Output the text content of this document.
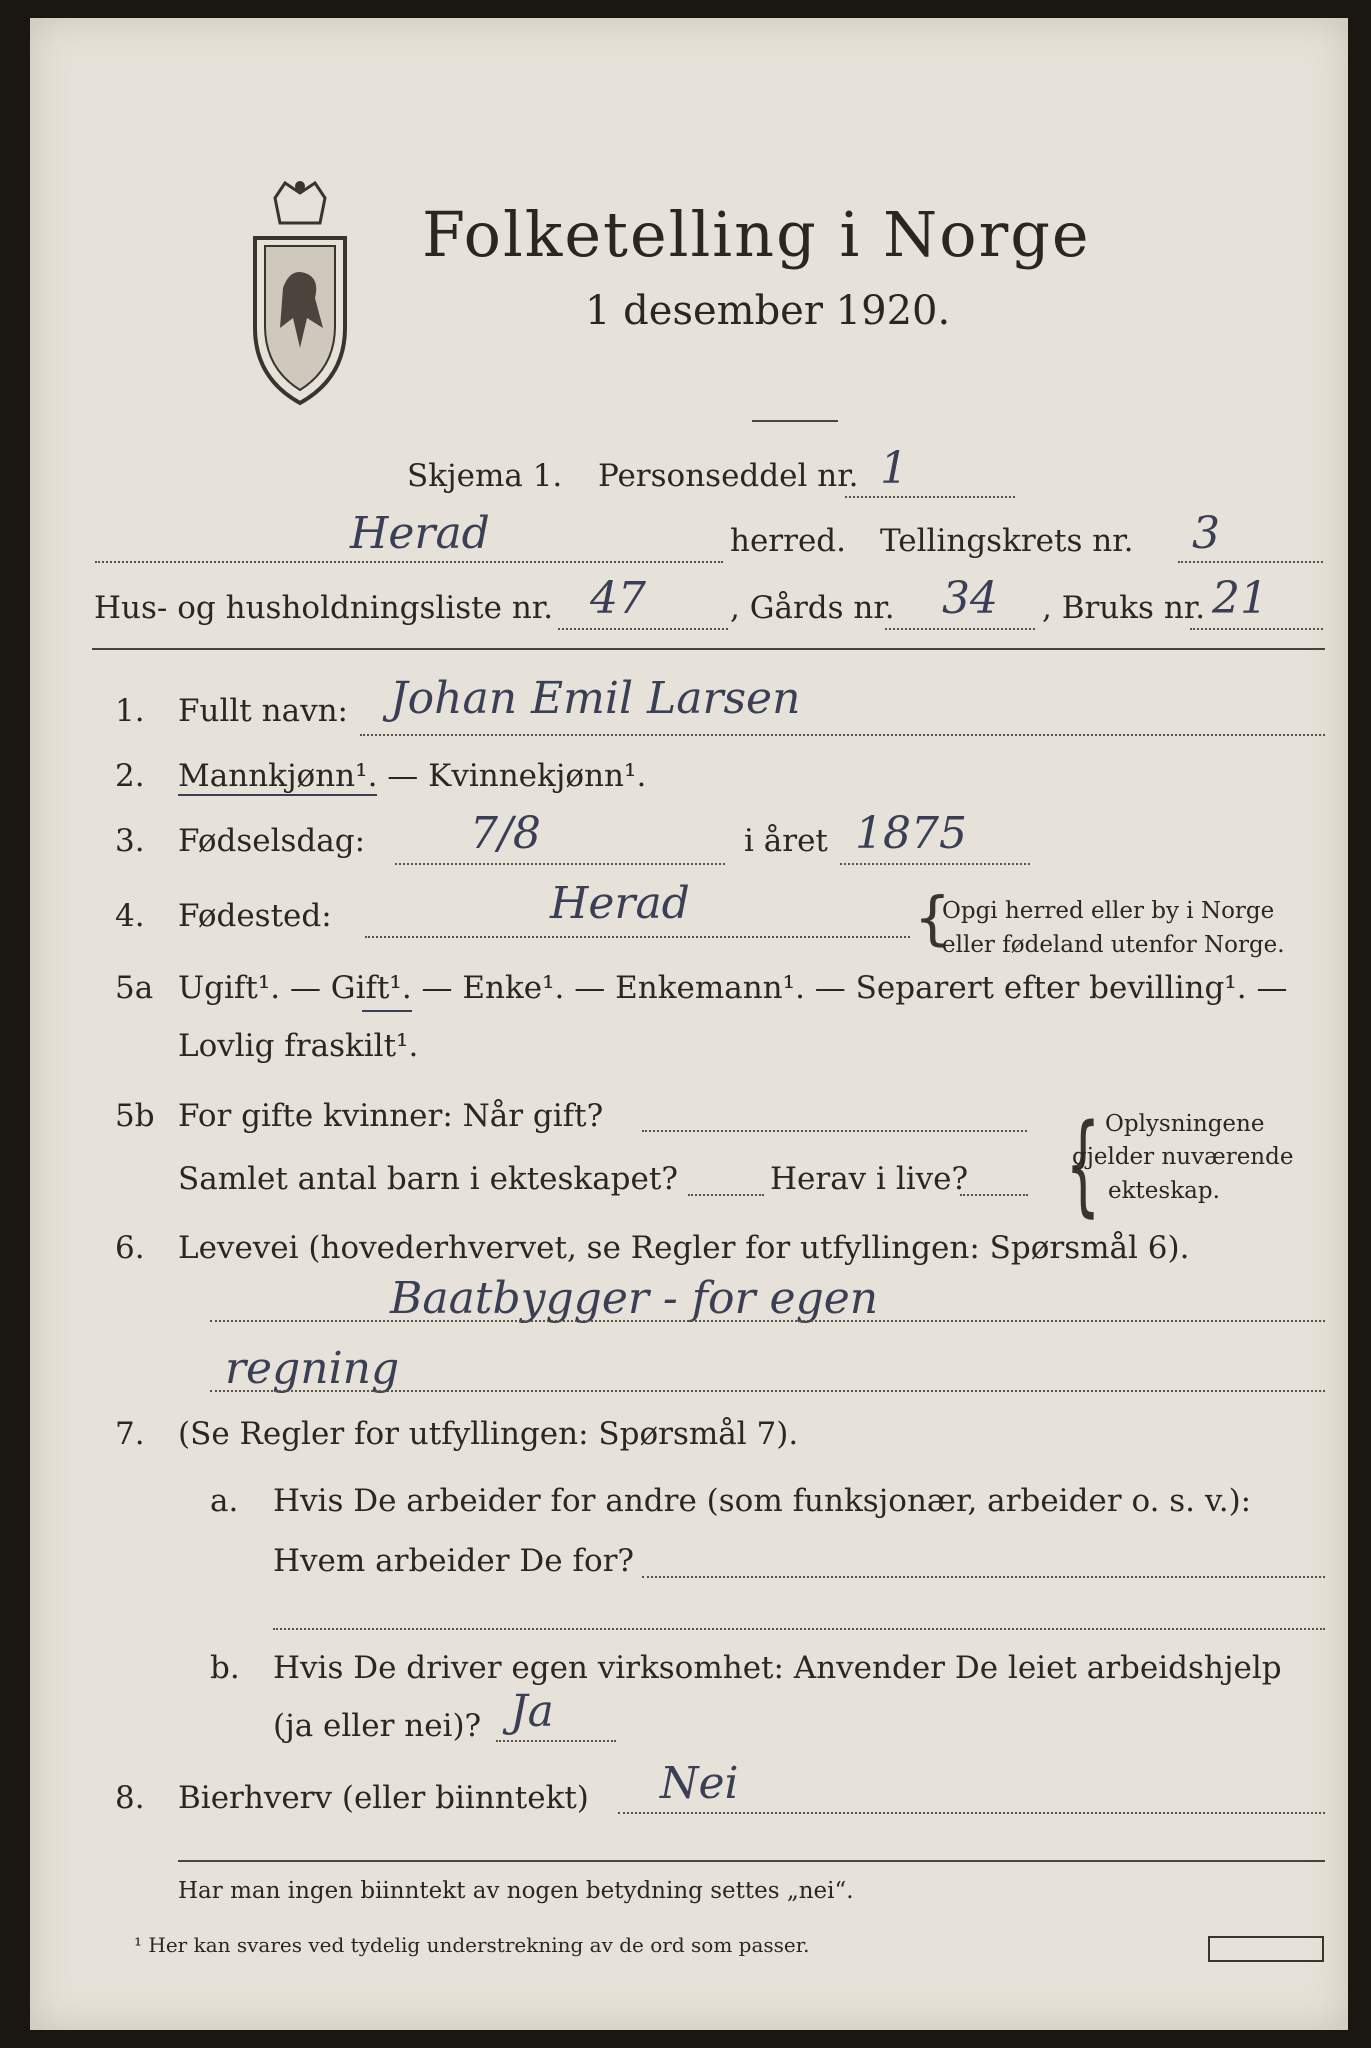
Folketelling i Norge
1 desember 1920.
Skjema 1. Personseddel nr. 1
Herad	herred. Tellingskrets nr. 3
Hus- og husholdningsliste nr. 47	, Gårds nr. 34 , Bruks nr. 21
1. Fullt navn: Johan Emil Larsen
2. Mannkjønn¹. — Kvinnekjønn¹.
3. Fødselsdag: 7/8	i året 1875
4. Fødested:	Herad	{
Opgi herred eller by i Norge
eller fødeland utenfor Norge.
5a Ugift¹. — Gift¹. — Enke¹. — Enkemann¹. — Separert efter bevilling¹. —
Lovlig fraskilt¹.
5b For gifte kvinner: Når gift?
Samlet antal barn i ekteskapet?	Herav i live? { Oplysningene
gjelder nuværende
ekteskap.
6. Levevei (hovederhvervet, se Regler for utfyllingen: Spørsmål 6).
Baatbygger - for egen
regning
7. (Se Regler for utfyllingen: Spørsmål 7).
a. Hvis De arbeider for andre (som funksjonær, arbeider o. s. v.):
Hvem arbeider De for?
b. Hvis De driver egen virksomhet: Anvender De leiet arbeidshjelp
(ja eller nei)? Ja
8. Bierhverv (eller biinntekt) Nei
Har man ingen biinntekt av nogen betydning settes „nei“.
¹ Her kan svares ved tydelig understrekning av de ord som passer.
